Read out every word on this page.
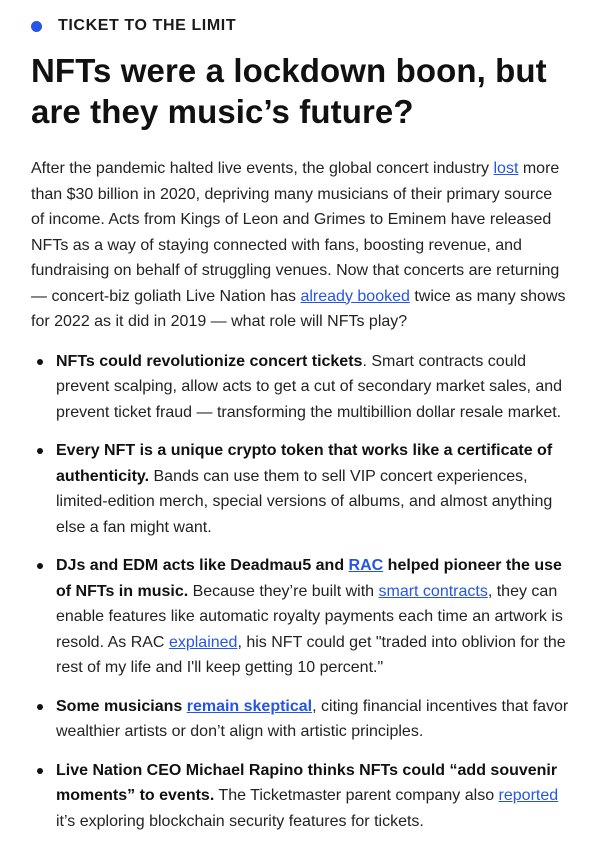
TICKET TO THE LIMIT
NFTs were a lockdown boon, but are they music’s future?

After the pandemic halted live events, the global concert industry lost more than $30 billion in 2020, depriving many musicians of their primary source of income. Acts from Kings of Leon and Grimes to Eminem have released NFTs as a way of staying connected with fans, boosting revenue, and fundraising on behalf of struggling venues. Now that concerts are returning — concert-biz goliath Live Nation has already booked twice as many shows for 2022 as it did in 2019 — what role will NFTs play?

NFTs could revolutionize concert tickets. Smart contracts could prevent scalping, allow acts to get a cut of secondary market sales, and prevent ticket fraud — transforming the multibillion dollar resale market.
Every NFT is a unique crypto token that works like a certificate of authenticity. Bands can use them to sell VIP concert experiences, limited-edition merch, special versions of albums, and almost anything else a fan might want.
DJs and EDM acts like Deadmau5 and RAC helped pioneer the use of NFTs in music. Because they’re built with smart contracts, they can enable features like automatic royalty payments each time an artwork is resold. As RAC explained, his NFT could get "traded into oblivion for the rest of my life and I'll keep getting 10 percent."
Some musicians remain skeptical, citing financial incentives that favor wealthier artists or don’t align with artistic principles.
Live Nation CEO Michael Rapino thinks NFTs could “add souvenir moments” to events. The Ticketmaster parent company also reported it’s exploring blockchain security features for tickets.
